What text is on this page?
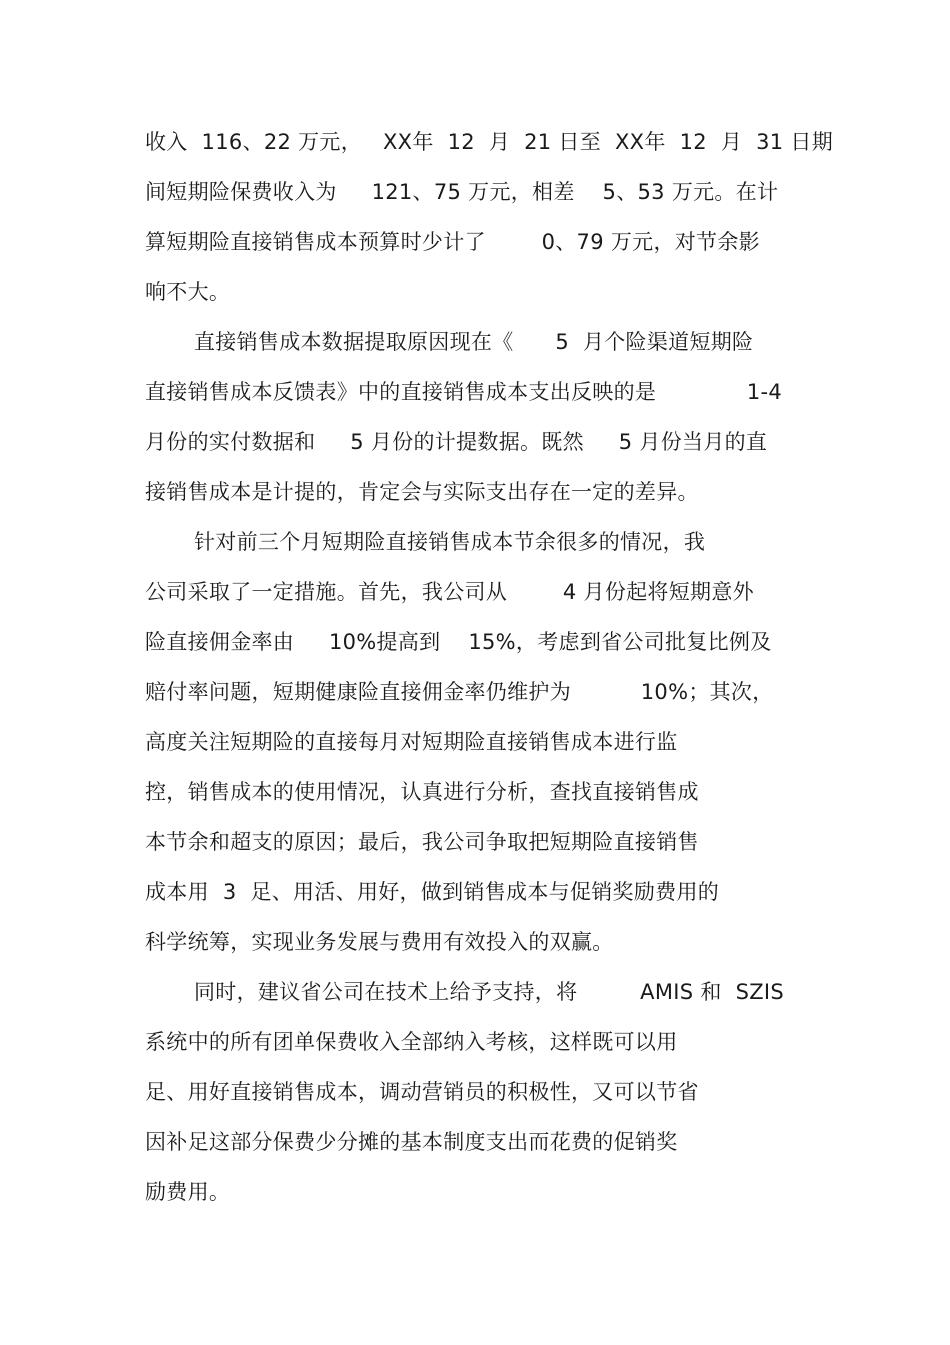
收入  116、22 万元，   XX年  12  月  21 日至  XX年  12  月  31 日期
间短期险保费收入为     121、75 万元，相差    5、53 万元。在计
算短期险直接销售成本预算时少计了        0、79 万元，对节余影
响不大。
直接销售成本数据提取原因现在《      5  月个险渠道短期险
直接销售成本反馈表》中的直接销售成本支出反映的是             1-4
月份的实付数据和     5 月份的计提数据。既然     5 月份当月的直
接销售成本是计提的，肯定会与实际支出存在一定的差异。
针对前三个月短期险直接销售成本节余很多的情况，我
公司采取了一定措施。首先，我公司从        4 月份起将短期意外
险直接佣金率由     10%提高到    15%，考虑到省公司批复比例及
赔付率问题，短期健康险直接佣金率仍维护为          10%；其次，
高度关注短期险的直接每月对短期险直接销售成本进行监
控，销售成本的使用情况，认真进行分析，查找直接销售成
本节余和超支的原因；最后，我公司争取把短期险直接销售
成本用  3  足、用活、用好，做到销售成本与促销奖励费用的
科学统筹，实现业务发展与费用有效投入的双赢。
同时，建议省公司在技术上给予支持，将         AMIS 和  SZIS
系统中的所有团单保费收入全部纳入考核，这样既可以用
足、用好直接销售成本，调动营销员的积极性，又可以节省
因补足这部分保费少分摊的基本制度支出而花费的促销奖
励费用。
